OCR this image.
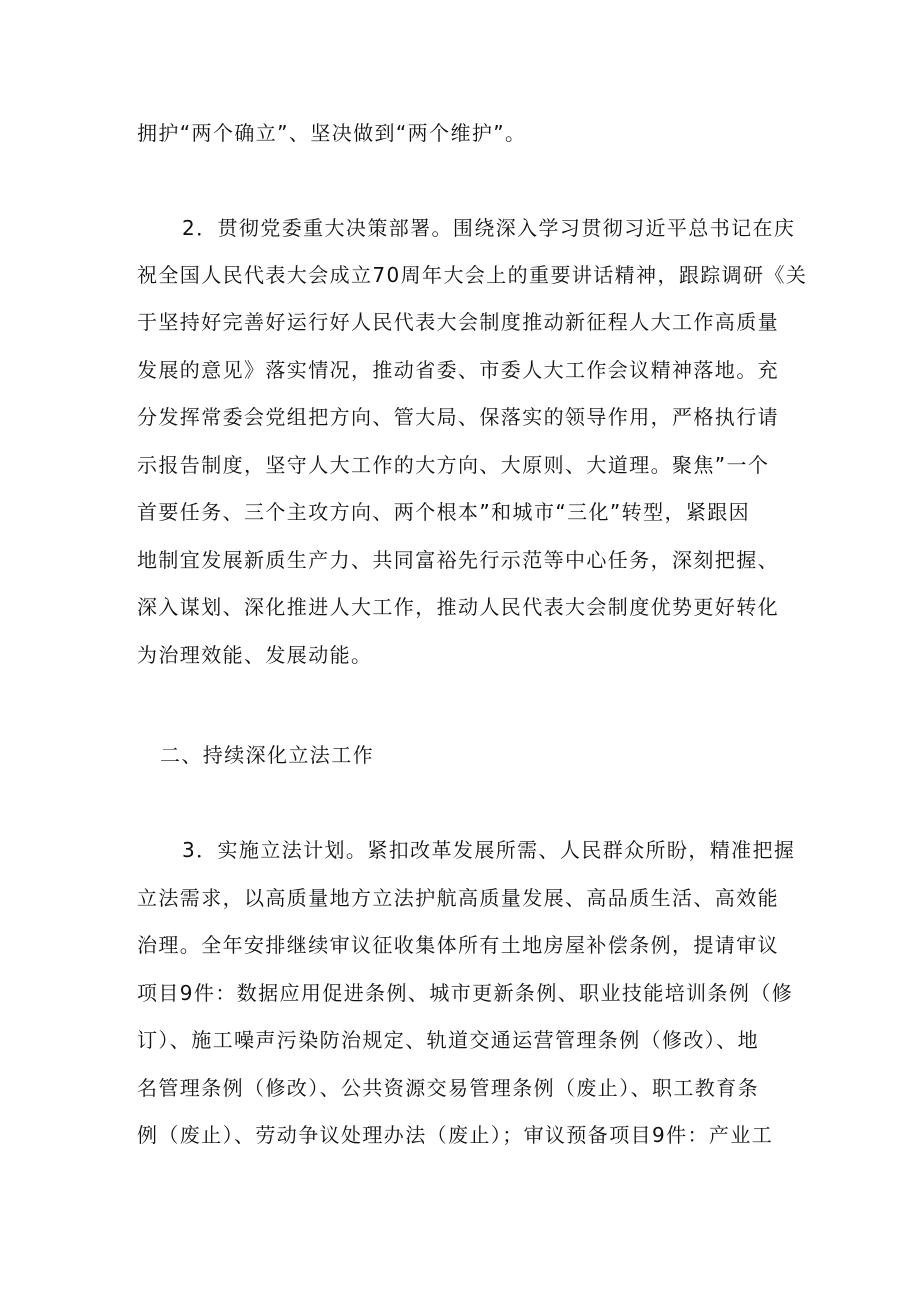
拥护“两个确立”、坚决做到“两个维护”。
2．贯彻党委重大决策部署。围绕深入学习贯彻习近平总书记在庆
祝全国人民代表大会成立70周年大会上的重要讲话精神，跟踪调研《关
于坚持好完善好运行好人民代表大会制度推动新征程人大工作高质量
发展的意见》落实情况，推动省委、市委人大工作会议精神落地。充
分发挥常委会党组把方向、管大局、保落实的领导作用，严格执行请
示报告制度，坚守人大工作的大方向、大原则、大道理。聚焦”一个
首要任务、三个主攻方向、两个根本”和城市“三化”转型，紧跟因
地制宜发展新质生产力、共同富裕先行示范等中心任务，深刻把握、
深入谋划、深化推进人大工作，推动人民代表大会制度优势更好转化
为治理效能、发展动能。
二、持续深化立法工作
3．实施立法计划。紧扣改革发展所需、人民群众所盼，精准把握
立法需求，以高质量地方立法护航高质量发展、高品质生活、高效能
治理。全年安排继续审议征收集体所有土地房屋补偿条例，提请审议
项目9件：数据应用促进条例、城市更新条例、职业技能培训条例（修
订）、施工噪声污染防治规定、轨道交通运营管理条例（修改）、地
名管理条例（修改）、公共资源交易管理条例（废止）、职工教育条
例（废止）、劳动争议处理办法（废止）；审议预备项目9件：产业工
